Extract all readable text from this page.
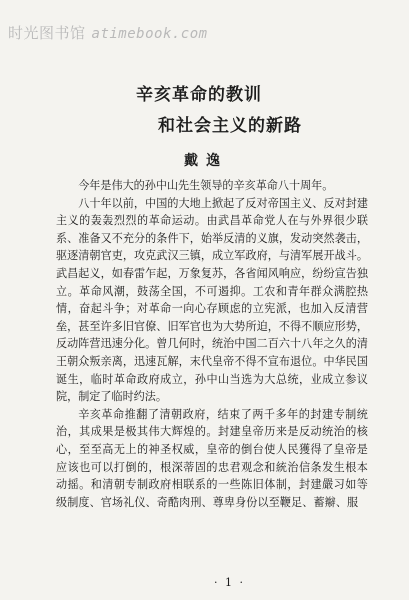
时光图书馆 atimebook.com
辛亥革命的教训
和社会主义的新路
戴逸

今年是伟大的孙中山先生领导的辛亥革命八十周年。

八十年以前，中国的大地上掀起了反对帝国主义、反对封建主义的轰轰烈烈的革命运动。由武昌革命党人在与外界很少联系、准备又不充分的条件下，始举反清的义旗，发动突然袭击，驱逐清朝官吏，攻克武汉三镇，成立军政府，与清军展开战斗。武昌起义，如春雷乍起，万象复苏，各省闻风响应，纷纷宣告独立。革命风潮，鼓荡全国，不可遏抑。工农和青年群众满腔热情，奋起斗争；对革命一向心存顾虑的立宪派，也加入反清营垒，甚至许多旧官僚、旧军官也为大势所迫，不得不顺应形势，反动阵营迅速分化。曾几何时，统治中国二百六十八年之久的清王朝众叛亲离，迅速瓦解，末代皇帝不得不宣布退位。中华民国诞生，临时革命政府成立，孙中山当选为大总统，业成立参议院，制定了临时约法。

辛亥革命推翻了清朝政府，结束了两千多年的封建专制统治，其成果是极其伟大辉煌的。封建皇帝历来是反动统治的核心，至至高无上的神圣权威，皇帝的倒台使人民獲得了皇帝是应该也可以打倒的，根深蒂固的忠君观念和統治信条发生根本动摇。和清朝专制政府相联系的一些陈旧体制，封建嚴习如等级制度、官场礼仪、奇酷肉刑、尊卑身份以至鞭足、蓄辮、服

· 1 ·
